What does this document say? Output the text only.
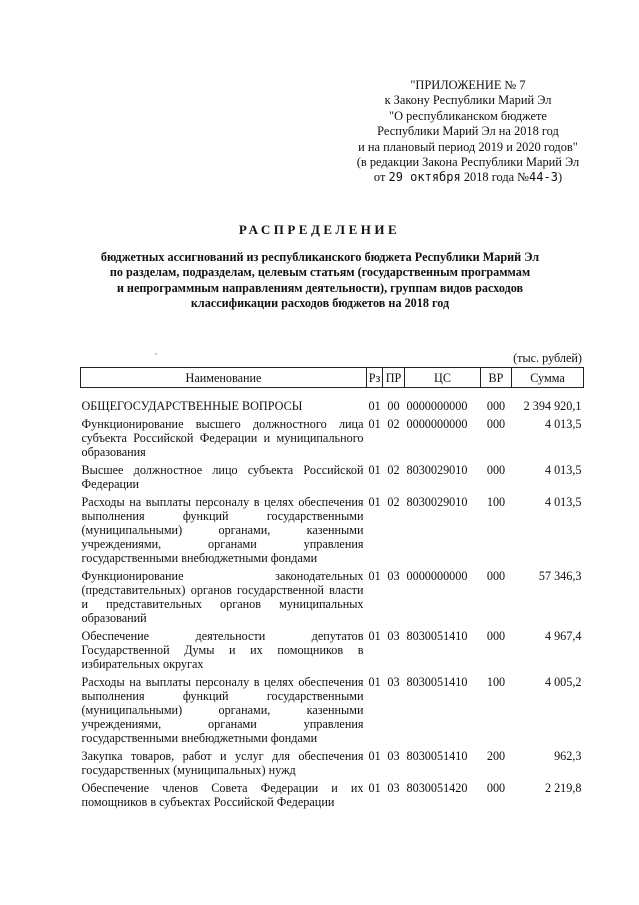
"ПРИЛОЖЕНИЕ № 7
к Закону Республики Марий Эл
"О республиканском бюджете
Республики Марий Эл на 2018 год
и на плановый период 2019 и 2020 годов"
(в редакции Закона Республики Марий Эл
от 29 октября 2018 года №44-З)
РАСПРЕДЕЛЕНИЕ
бюджетных ассигнований из республиканского бюджета Республики Марий Эл
по разделам, подразделам, целевым статьям (государственным программам
и непрограммным направлениям деятельности), группам видов расходов
классификации расходов бюджетов на 2018 год
(тыс. рублей)
Наименование	Рз	ПР	ЦС	ВР	Сумма
ОБЩЕГОСУДАРСТВЕННЫЕ ВОПРОСЫ	01	00	0000000000	000	2 394 920,1
Функционирование высшего должностного лица субъекта Российской Федерации и муниципального образования	01	02	0000000000	000	4 013,5
Высшее должностное лицо субъекта Российской Федерации	01	02	8030029010	000	4 013,5
Расходы на выплаты персоналу в целях обеспечения выполнения функций государственными (муниципальными) органами, казенными учреждениями, органами управления государственными внебюджетными фондами	01	02	8030029010	100	4 013,5
Функционирование законодательных (представительных) органов государственной власти и представительных органов муниципальных образований	01	03	0000000000	000	57 346,3
Обеспечение деятельности депутатов Государственной Думы и их помощников в избирательных округах	01	03	8030051410	000	4 967,4
Расходы на выплаты персоналу в целях обеспечения выполнения функций государственными (муниципальными) органами, казенными учреждениями, органами управления государственными внебюджетными фондами	01	03	8030051410	100	4 005,2
Закупка товаров, работ и услуг для обеспечения государственных (муниципальных) нужд	01	03	8030051410	200	962,3
Обеспечение членов Совета Федерации и их помощников в субъектах Российской Федерации	01	03	8030051420	000	2 219,8
